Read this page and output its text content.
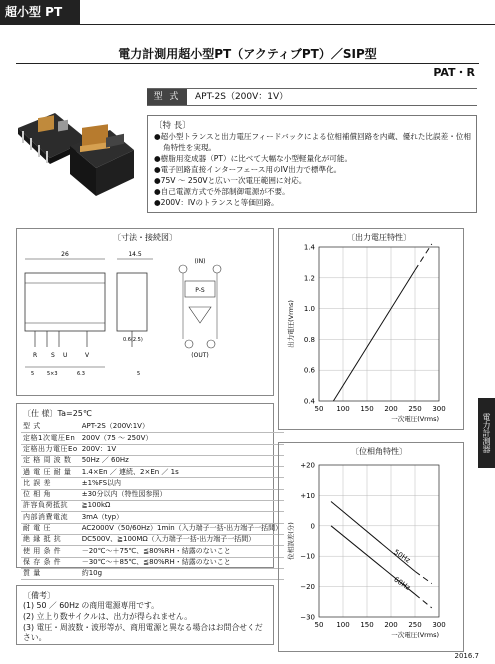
超小型 PT
電力計測用超小型PT（アクティブPT）／SIP型
PAT・R
型 式	APT-2S（200V：1V）
〔特 長〕
●超小型トランスと出力電圧フィードバックによる位相補償回路を内蔵、優れた比誤差・位相角特性を実現。
●樹脂用変成器（PT）に比べて大幅な小型軽量化が可能。
●電子回路直接インターフェース用のIV出力で標準化。
●75V ～ 250Vと広い一次電圧範囲に対応。
●自己電源方式で外部制御電源が不要。
●200V：IVのトランスと等価回路。
〔寸法・接続図〕
26
R S U	V
5	5×3	6.3
14.5
0.6(2.5)
5
(IN)
P-S
(OUT)
〔出力電圧特性〕
50 100 150 200 250 300
0.4
0.6
0.8
1.0
1.2
1.4
一次電圧(Vrms)
出力電圧(Vrms)
〔仕 様〕Ta=25℃
型 式	APT-2S（200V:1V）
定格1次電圧En	200V（75 ～ 250V）
定格出力電圧Eo	200V：1V
定 格 周 波 数	50Hz ／ 60Hz
過 電 圧 耐 量	1.4×En ／ 連続、2×En ／ 1s
比 誤 差	±1%FS以内
位 相 角	±30分以内（特性図参照）
許容負荷抵抗	≧100kΩ
内部消費電流	3mA（typ）
耐 電 圧	AC2000V（50/60Hz）1min（入力端子一括-出力端子一括間）
絶 縁 抵 抗	DC500V、≧100MΩ（入力端子一括-出力端子一括間）
使 用 条 件	－20℃～＋75℃、≦80%RH・結露のないこと
保 存 条 件	－30℃～＋85℃、≦80%RH・結露のないこと
質 量	約10g
〔備考〕
(1) 50 ／ 60Hz の商用電源専用です。
(2) 立上り数サイクルは、出力が得られません。
(3) 電圧・周波数・波形等が、商用電源と異なる場合はお問合せください。
〔位相角特性〕
50 100 150 200 250 300
+20
+10
0
−10
−20
−30
一次電圧(Vrms)
位相誤差(分)	50Hz
60Hz
電力計測器
2016.7
